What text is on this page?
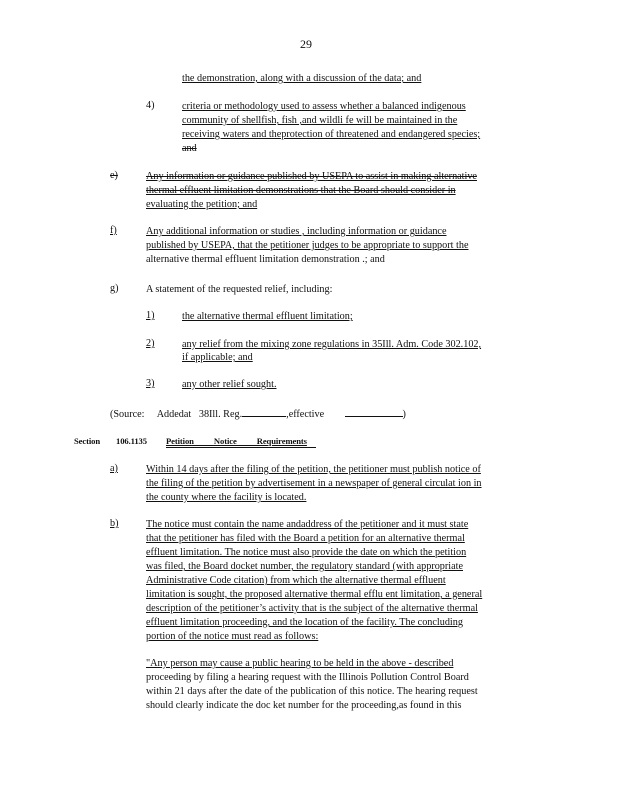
29
the demonstration, along with a discussion of the data; and
4)	criteria or methodology used to assess whether a balanced indigenous
community of shellfish, fish ,and wildli fe will be maintained in the
receiving waters and theprotection of threatened and endangered species;
and
e)	Any information or guidance published by USEPA to assist in making alternative
thermal effluent limitation demonstrations that the Board should consider in
evaluating the petition; and
f)	Any additional information or studies , including information or guidance
published by USEPA, that the petitioner judges to be appropriate to support the
alternative thermal effluent limitation demonstration .; and
g)	A statement of the requested relief, including:
1)	the alternative thermal effluent limitation;
2)	any relief from the mixing zone regulations in 35Ill. Adm. Code 302.102,
if applicable; and
3)	any other relief sought.
(Source: Addedat 38Ill. Reg.	,effective	)
Section 106.1135 Petition Notice Requirements
a)	Within 14 days after the filing of the petition, the petitioner must publish notice of
the filing of the petition by advertisement in a newspaper of general circulat ion in
the county where the facility is located.
b)	The notice must contain the name andaddress of the petitioner and it must state
that the petitioner has filed with the Board a petition for an alternative thermal
effluent limitation. The notice must also provide the date on which the petition
was filed, the Board docket number, the regulatory standard (with appropriate
Administrative Code citation) from which the alternative thermal effluent
limitation is sought, the proposed alternative thermal efflu ent limitation, a general
description of the petitioner’s activity that is the subject of the alternative thermal
effluent limitation proceeding, and the location of the facility. The concluding
portion of the notice must read as follows:
"Any person may cause a public hearing to be held in the above - described
proceeding by filing a hearing request with the Illinois Pollution Control Board
within 21 days after the date of the publication of this notice. The hearing request
should clearly indicate the doc ket number for the proceeding,as found in this
